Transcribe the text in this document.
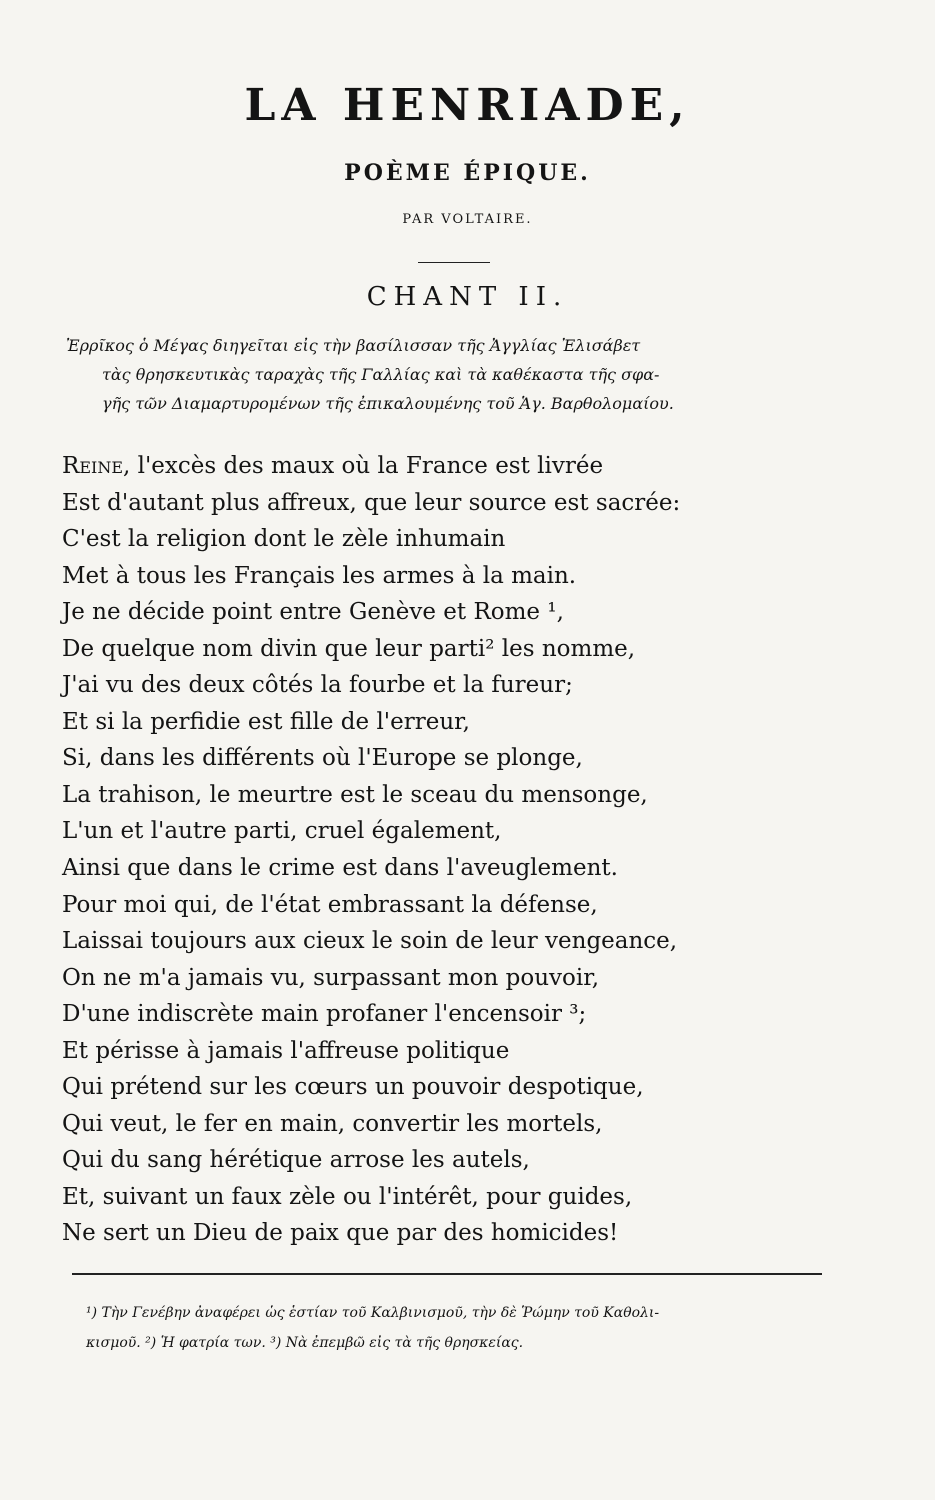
LA HENRIADE,
POÈME ÉPIQUE.
PAR VOLTAIRE.
CHANT II.
Ἐρρῖκος ὁ Μέγας διηγεῖται εἰς τὴν βασίλισσαν τῆς Ἀγγλίας Ἐλισάβετ
τὰς θρησκευτικὰς ταραχὰς τῆς Γαλλίας καὶ τὰ καθέκαστα τῆς σφα-
γῆς τῶν Διαμαρτυρομένων τῆς ἐπικαλουμένης τοῦ Ἁγ. Βαρθολομαίου.
Reine, l'excès des maux où la France est livrée
Est d'autant plus affreux, que leur source est sacrée:
C'est la religion dont le zèle inhumain
Met à tous les Français les armes à la main.
Je ne décide point entre Genève et Rome ¹,
De quelque nom divin que leur parti² les nomme,
J'ai vu des deux côtés la fourbe et la fureur;
Et si la perfidie est fille de l'erreur,
Si, dans les différents où l'Europe se plonge,
La trahison, le meurtre est le sceau du mensonge,
L'un et l'autre parti, cruel également,
Ainsi que dans le crime est dans l'aveuglement.
Pour moi qui, de l'état embrassant la défense,
Laissai toujours aux cieux le soin de leur vengeance,
On ne m'a jamais vu, surpassant mon pouvoir,
D'une indiscrète main profaner l'encensoir ³;
Et périsse à jamais l'affreuse politique
Qui prétend sur les cœurs un pouvoir despotique,
Qui veut, le fer en main, convertir les mortels,
Qui du sang hérétique arrose les autels,
Et, suivant un faux zèle ou l'intérêt, pour guides,
Ne sert un Dieu de paix que par des homicides!
¹) Τὴν Γενέβην ἀναφέρει ὡς ἑστίαν τοῦ Καλβινισμοῦ, τὴν δὲ Ῥώμην τοῦ Καθολι-
κισμοῦ. ²) Ἡ φατρία των. ³) Νὰ ἐπεμβῶ εἰς τὰ τῆς θρησκείας.
